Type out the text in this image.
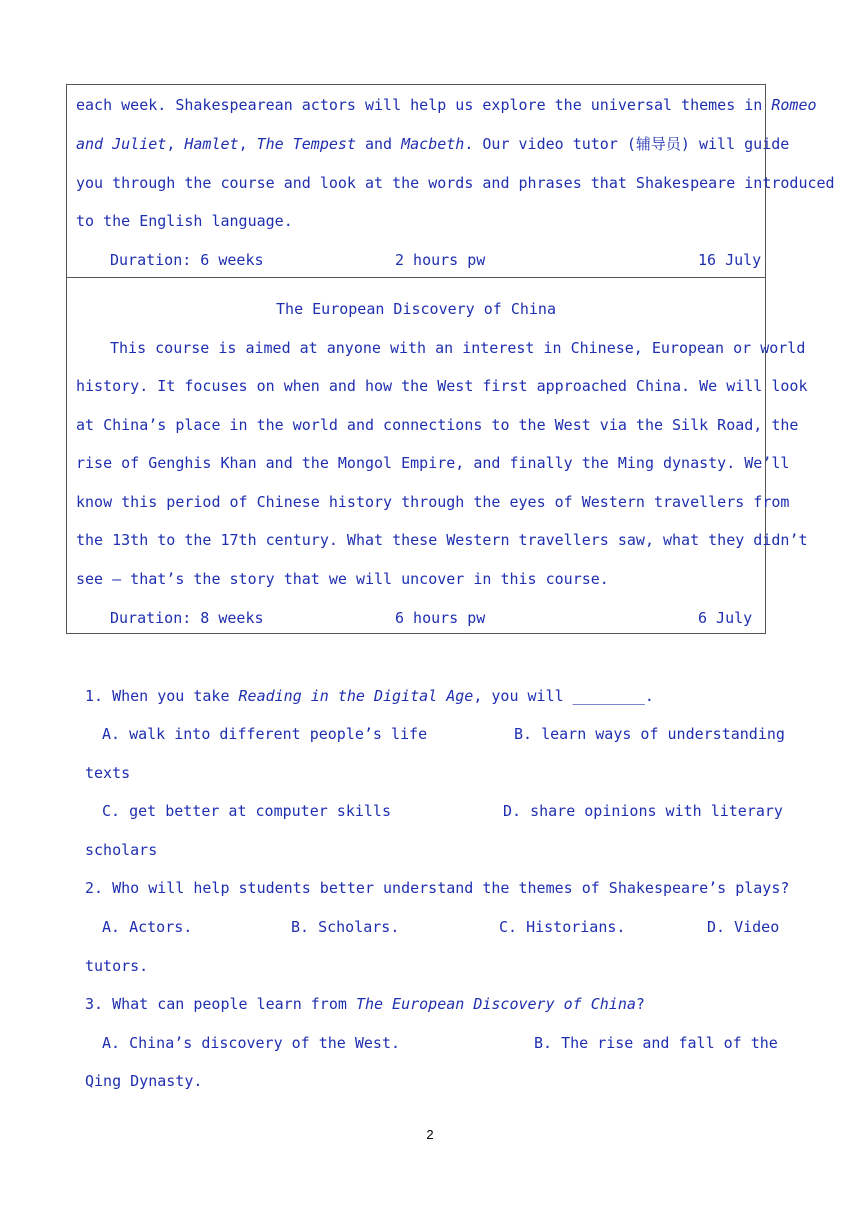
each week. Shakespearean actors will help us explore the universal themes in Romeo
and Juliet, Hamlet, The Tempest and Macbeth. Our video tutor (辅导员) will guide
you through the course and look at the words and phrases that Shakespeare introduced
to the English language.
Duration: 6 weeks	2 hours pw	16 July
The European Discovery of China
This course is aimed at anyone with an interest in Chinese, European or world
history. It focuses on when and how the West first approached China. We will look
at China’s place in the world and connections to the West via the Silk Road, the
rise of Genghis Khan and the Mongol Empire, and finally the Ming dynasty. We’ll
know this period of Chinese history through the eyes of Western travellers from
the 13th to the 17th century. What these Western travellers saw, what they didn’t
see — that’s the story that we will uncover in this course.
Duration: 8 weeks	6 hours pw	6 July
1. When you take Reading in the Digital Age, you will ________.
A. walk into different people’s life	B. learn ways of understanding
texts
C. get better at computer skills	D. share opinions with literary
scholars
2. Who will help students better understand the themes of Shakespeare’s plays?
A. Actors.	B. Scholars.	C. Historians.	D. Video
tutors.
3. What can people learn from The European Discovery of China?
A. China’s discovery of the West.	B. The rise and fall of the
Qing Dynasty.
2
